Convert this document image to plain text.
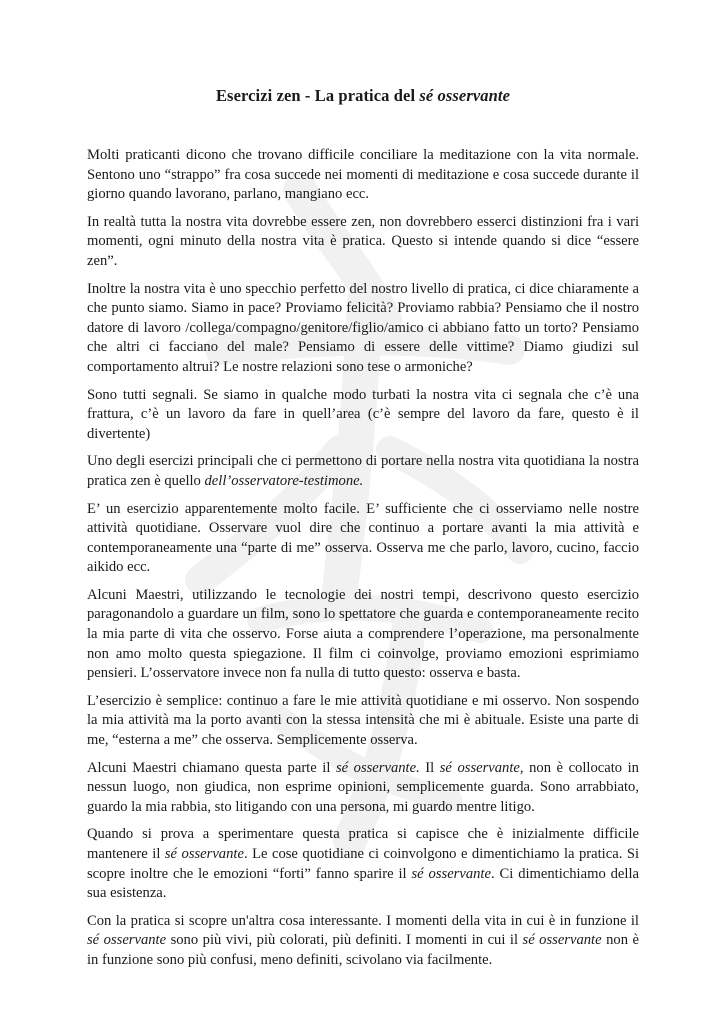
Esercizi zen - La pratica del sé osservante

Molti praticanti dicono che trovano difficile conciliare la meditazione con la vita normale. Sentono uno “strappo” fra cosa succede nei momenti di meditazione e cosa succede durante il giorno quando lavorano, parlano, mangiano ecc.

In realtà tutta la nostra vita dovrebbe essere zen, non dovrebbero esserci distinzioni fra i vari momenti, ogni minuto della nostra vita è pratica. Questo si intende quando si dice “essere zen”.

Inoltre la nostra vita è uno specchio perfetto del nostro livello di pratica, ci dice chiaramente a che punto siamo. Siamo in pace? Proviamo felicità? Proviamo rabbia? Pensiamo che il nostro datore di lavoro /collega/compagno/genitore/figlio/amico ci abbiano fatto un torto? Pensiamo che altri ci facciano del male? Pensiamo di essere delle vittime? Diamo giudizi sul comportamento altrui? Le nostre relazioni sono tese o armoniche?

Sono tutti segnali. Se siamo in qualche modo turbati la nostra vita ci segnala che c’è una frattura, c’è un lavoro da fare in quell’area (c’è sempre del lavoro da fare, questo è il divertente)

Uno degli esercizi principali che ci permettono di portare nella nostra vita quotidiana la nostra pratica zen è quello dell’osservatore-testimone.

E’ un esercizio apparentemente molto facile. E’ sufficiente che ci osserviamo nelle nostre attività quotidiane. Osservare vuol dire che continuo a portare avanti la mia attività e contemporaneamente una “parte di me” osserva. Osserva me che parlo, lavoro, cucino, faccio aikido ecc.

Alcuni Maestri, utilizzando le tecnologie dei nostri tempi, descrivono questo esercizio paragonandolo a guardare un film, sono lo spettatore che guarda e contemporaneamente recito la mia parte di vita che osservo. Forse aiuta a comprendere l’operazione, ma personalmente non amo molto questa spiegazione. Il film ci coinvolge, proviamo emozioni esprimiamo pensieri. L’osservatore invece non fa nulla di tutto questo: osserva e basta.

L’esercizio è semplice: continuo a fare le mie attività quotidiane e mi osservo. Non sospendo la mia attività ma la porto avanti con la stessa intensità che mi è abituale. Esiste una parte di me, “esterna a me” che osserva. Semplicemente osserva.

Alcuni Maestri chiamano questa parte il sé osservante. Il sé osservante, non è collocato in nessun luogo, non giudica, non esprime opinioni, semplicemente guarda. Sono arrabbiato, guardo la mia rabbia, sto litigando con una persona, mi guardo mentre litigo.

Quando si prova a sperimentare questa pratica si capisce che è inizialmente difficile mantenere il sé osservante. Le cose quotidiane ci coinvolgono e dimentichiamo la pratica. Si scopre inoltre che le emozioni “forti” fanno sparire il sé osservante. Ci dimentichiamo della sua esistenza.

Con la pratica si scopre un'altra cosa interessante. I momenti della vita in cui è in funzione il sé osservante sono più vivi, più colorati, più definiti. I momenti in cui il sé osservante non è in funzione sono più confusi, meno definiti, scivolano via facilmente.
